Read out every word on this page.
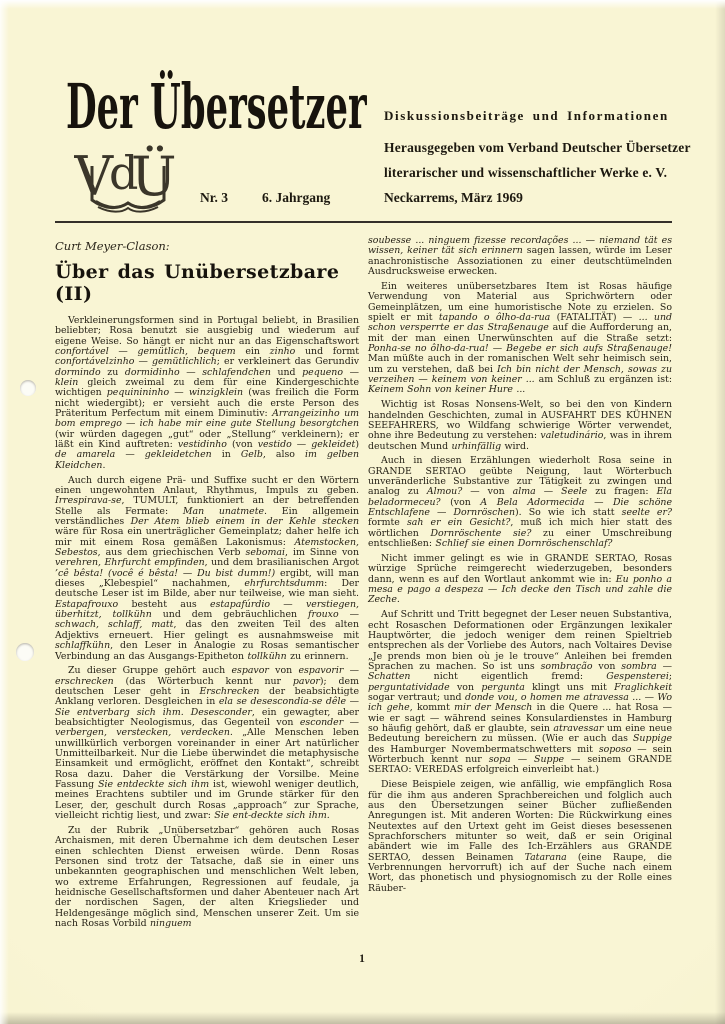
Der Übersetzer
V
d
Ü
Diskussionsbeiträge und Informationen
Herausgegeben vom Verband Deutscher Übersetzer
literarischer und wissenschaftlicher Werke e. V.
Nr. 3	6. Jahrgang	Neckarrems, März 1969
Curt Meyer-Clason:
Über das Unübersetzbare (II)

Verkleinerungsformen sind in Portugal beliebt, in Brasilien beliebter; Rosa benutzt sie ausgiebig und wiederum auf eigene Weise. So hängt er nicht nur an das Eigenschaftswort confortável — gemütlich, bequem ein zinho und formt confortávelzinho — gemütlichlich; er verkleinert das Gerundiv dormindo zu dormidinho — schlafendchen und pequeno — klein gleich zweimal zu dem für eine Kindergeschichte wichtigen pequinininho — winzigklein (was freilich die Form nicht wiedergibt); er versieht auch die erste Person des Präteritum Perfectum mit einem Diminutiv: Arrangeizinho um bom emprego — ich habe mir eine gute Stellung besorgtchen (wir würden dagegen „gut“ oder „Stellung“ verkleinern); er läßt ein Kind auftreten: vestidinho (von vestido — gekleidet) de amarela — gekleidetchen in Gelb, also im gelben Kleidchen.

Auch durch eigene Prä- und Suffixe sucht er den Wörtern einen ungewohnten Anlaut, Rhythmus, Impuls zu geben. Irrespirava-se, TUMULT, funktioniert an der betreffenden Stelle als Fermate: Man unatmete. Ein allgemein verständliches Der Atem blieb einem in der Kehle stecken wäre für Rosa ein unerträglicher Gemeinplatz; daher helfe ich mir mit einem Rosa gemäßen Lakonismus: Atemstocken, Sebestos, aus dem griechischen Verb sebomai, im Sinne von verehren, Ehrfurcht empfinden, und dem brasilianischen Argot ’cê bêsta! (você é bêsta! — Du bist dumm!) ergibt, will man dieses „Klebespiel“ nachahmen, ehrfurchtsdumm: Der deutsche Leser ist im Bilde, aber nur teilweise, wie man sieht. Estapafrouxo besteht aus estapafúrdio — verstiegen, überhitzt, tollkühn und dem gebräuchlichen frouxo — schwach, schlaff, matt, das den zweiten Teil des alten Adjektivs erneuert. Hier gelingt es ausnahmsweise mit schlaffkühn, den Leser in Analogie zu Rosas semantischer Verbindung an das Ausgangs-Epitheton tollkühn zu erinnern.

Zu dieser Gruppe gehört auch espavor von espavorir — erschrecken (das Wörterbuch kennt nur pavor); dem deutschen Leser geht in Erschrecken der beabsichtigte Anklang verloren. Desgleichen in ela se desescondia-se dêle — Sie entverbarg sich ihm. Desesconder, ein gewagter, aber beabsichtigter Neologismus, das Gegenteil von esconder — verbergen, verstecken, verdecken. „Alle Menschen leben unwillkürlich verborgen voreinander in einer Art natürlicher Unmitteilbarkeit. Nur die Liebe überwindet die metaphysische Einsamkeit und ermöglicht, eröffnet den Kontakt“, schreibt Rosa dazu. Daher die Verstärkung der Vorsilbe. Meine Fassung Sie entdeckte sich ihm ist, wiewohl weniger deutlich, meines Erachtens subtiler und im Grunde stärker für den Leser, der, geschult durch Rosas „approach“ zur Sprache, vielleicht richtig liest, und zwar: Sie ent-deckte sich ihm.

Zu der Rubrik „Unübersetzbar“ gehören auch Rosas Archaismen, mit deren Übernahme ich dem deutschen Leser einen schlechten Dienst erweisen würde. Denn Rosas Personen sind trotz der Tatsache, daß sie in einer uns unbekannten geographischen und menschlichen Welt leben, wo extreme Erfahrungen, Regressionen auf feudale, ja heidnische Gesellschaftsformen und daher Abenteuer nach Art der nordischen Sagen, der alten Kriegslieder und Heldengesänge möglich sind, Menschen unserer Zeit. Um sie nach Rosas Vorbild ninguem

soubesse ... ninguem fizesse recordações ... — niemand tät es wissen, keiner tät sich erinnern sagen lassen, würde im Leser anachronistische Assoziationen zu einer deutschtümelnden Ausdrucksweise erwecken.

Ein weiteres unübersetzbares Item ist Rosas häufige Verwendung von Material aus Sprichwörtern oder Gemeinplätzen, um eine humoristische Note zu erzielen. So spielt er mit tapando o ôlho-da-rua (FATALITÄT) — ... und schon versperrte er das Straßenauge auf die Aufforderung an, mit der man einen Unerwünschten auf die Straße setzt: Ponha-se no ôlho-da-rua! — Begebe er sich aufs Straßenauge! Man müßte auch in der romanischen Welt sehr heimisch sein, um zu verstehen, daß bei Ich bin nicht der Mensch, sowas zu verzeihen — keinem von keiner ... am Schluß zu ergänzen ist: Keinem Sohn von keiner Hure ...

Wichtig ist Rosas Nonsens-Welt, so bei den von Kindern handelnden Geschichten, zumal in AUSFAHRT DES KÜHNEN SEEFAHRERS, wo Wildfang schwierige Wörter verwendet, ohne ihre Bedeutung zu verstehen: valetudinário, was in ihrem deutschen Mund urhinfällig wird.

Auch in diesen Erzählungen wiederholt Rosa seine in GRANDE SERTAO geübte Neigung, laut Wörterbuch unveränderliche Substantive zur Tätigkeit zu zwingen und analog zu Almou? — von alma — Seele zu fragen: Ela beladormeceu? (von A Bela Adormecida — Die schöne Entschlafene — Dornröschen). So wie ich statt seelte er? formte sah er ein Gesicht?, muß ich mich hier statt des wörtlichen Dornröschente sie? zu einer Umschreibung entschließen: Schlief sie einen Dornröschenschlaf?

Nicht immer gelingt es wie in GRANDE SERTAO, Rosas würzige Sprüche reimgerecht wiederzugeben, besonders dann, wenn es auf den Wortlaut ankommt wie in: Eu ponho a mesa e pago a despeza — Ich decke den Tisch und zahle die Zeche.

Auf Schritt und Tritt begegnet der Leser neuen Substantiva, echt Rosaschen Deformationen oder Ergänzungen lexikaler Hauptwörter, die jedoch weniger dem reinen Spieltrieb entsprechen als der Vorliebe des Autors, nach Voltaires Devise „Je prends mon bien où je le trouve“ Anleihen bei fremden Sprachen zu machen. So ist uns sombração von sombra — Schatten nicht eigentlich fremd: Gespensterei; perguntatividade von pergunta klingt uns mit Fraglichkeit sogar vertraut; und donde vou, o homen me atravessa ... — Wo ich gehe, kommt mir der Mensch in die Quere ... hat Rosa — wie er sagt — während seines Konsulardienstes in Hamburg so häufig gehört, daß er glaubte, sein atravessar um eine neue Bedeutung bereichern zu müssen. (Wie er auch das Suppige des Hamburger Novembermatschwetters mit soposo — sein Wörterbuch kennt nur sopa — Suppe — seinem GRANDE SERTAO: VEREDAS erfolgreich einverleibt hat.)

Diese Beispiele zeigen, wie anfällig, wie empfänglich Rosa für die ihm aus anderen Sprachbereichen und folglich auch aus den Übersetzungen seiner Bücher zufließenden Anregungen ist. Mit anderen Worten: Die Rückwirkung eines Neutextes auf den Urtext geht im Geist dieses besessenen Sprachforschers mitunter so weit, daß er sein Original abändert wie im Falle des Ich-Erzählers aus GRANDE SERTAO, dessen Beinamen Tatarana (eine Raupe, die Verbrennungen hervorruft) ich auf der Suche nach einem Wort, das phonetisch und physiognomisch zu der Rolle eines Räuber-

1
